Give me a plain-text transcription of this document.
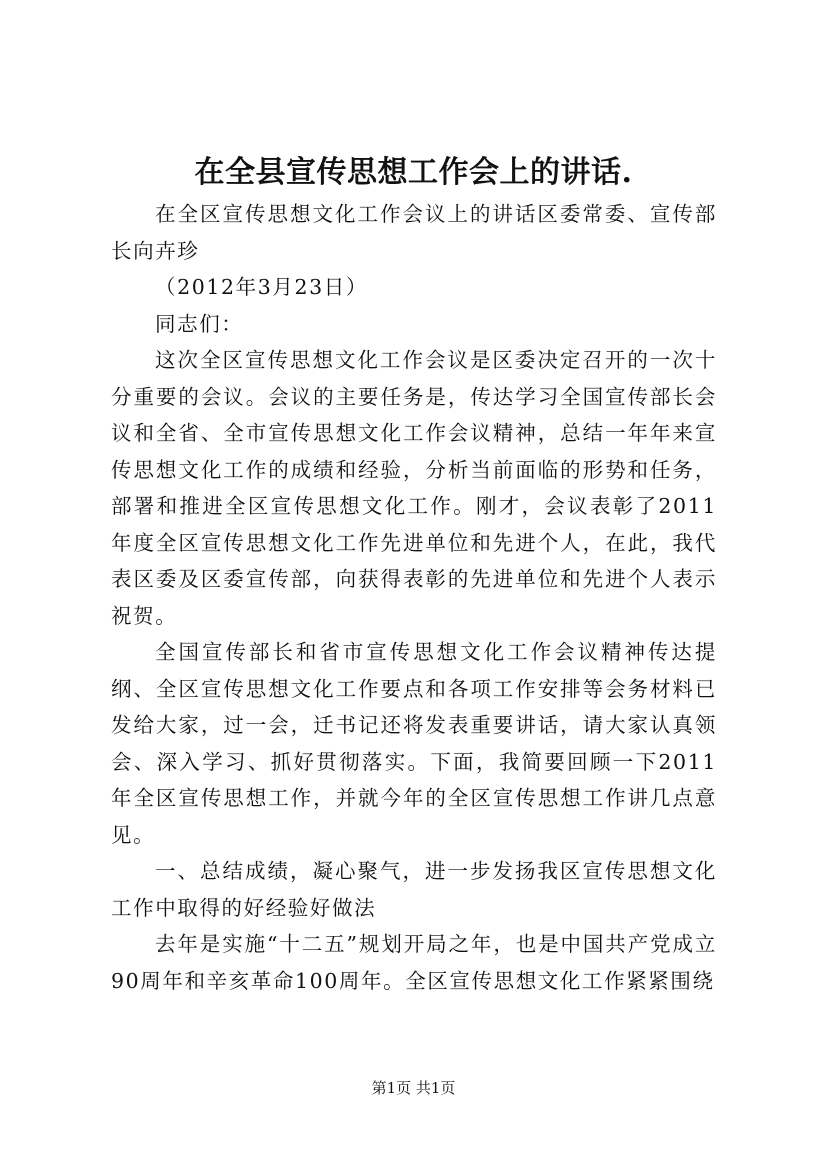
在全县宣传思想工作会上的讲话.

在全区宣传思想文化工作会议上的讲话区委常委、宣传部长向卉珍

（2012年3月23日）

同志们：

这次全区宣传思想文化工作会议是区委决定召开的一次十分重要的会议。会议的主要任务是，传达学习全国宣传部长会议和全省、全市宣传思想文化工作会议精神，总结一年年来宣传思想文化工作的成绩和经验，分析当前面临的形势和任务，部署和推进全区宣传思想文化工作。刚才，会议表彰了2011年度全区宣传思想文化工作先进单位和先进个人，在此，我代表区委及区委宣传部，向获得表彰的先进单位和先进个人表示祝贺。

全国宣传部长和省市宣传思想文化工作会议精神传达提纲、全区宣传思想文化工作要点和各项工作安排等会务材料已发给大家，过一会，迁书记还将发表重要讲话，请大家认真领会、深入学习、抓好贯彻落实。下面，我简要回顾一下2011年全区宣传思想工作，并就今年的全区宣传思想工作讲几点意见。

一、总结成绩，凝心聚气，进一步发扬我区宣传思想文化工作中取得的好经验好做法

去年是实施“十二五”规划开局之年，也是中国共产党成立90周年和辛亥革命100周年。全区宣传思想文化工作紧紧围绕

第1页 共1页
